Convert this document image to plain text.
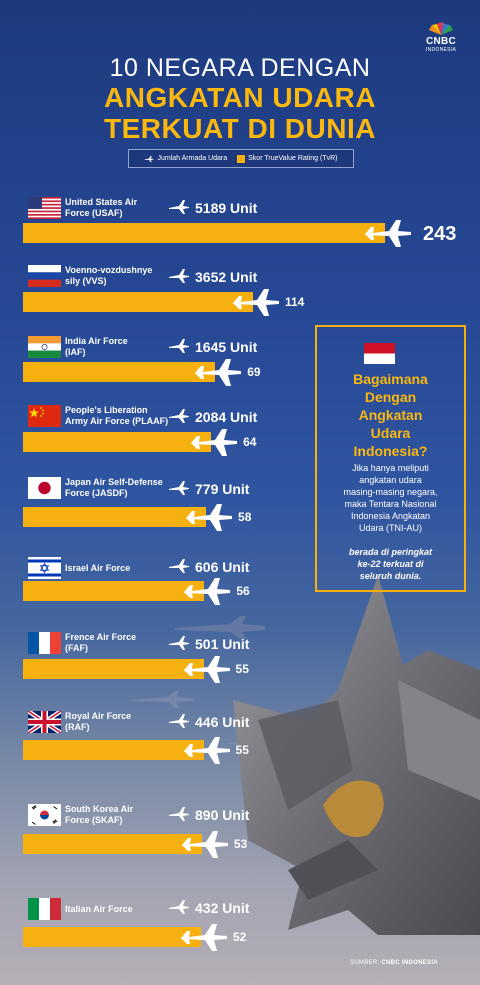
CNBC
INDONESIA
10 NEGARA DENGAN
ANGKATAN UDARA
TERKUAT DI DUNIA
Jumlah Armada Udara	Skor TrueValue Rating (TvR)
United States Air
Force (USAF)
Voenno-vozdushnye
sily (VVS)
India Air Force
(IAF)
People's Liberation
Army Air Force (PLAAF)
Japan Air Self-Defense
Force (JASDF)
Israel Air Force
Frence Air Force
(FAF)
Royal Air Force
(RAF)
South Korea Air
Force (SKAF)
Italian Air Force
5189 Unit
3652 Unit
1645 Unit
2084 Unit
779 Unit
606 Unit
501 Unit
446 Unit
890 Unit
432 Unit
243
114
69
64
58
56
55
55
53
52
Bagaimana
Dengan
Angkatan
Udara
Indonesia?
Jika hanya meliputi
angkatan udara
masing-masing negara,
maka Tentara Nasional
Indonesia Angkatan
Udara (TNI-AU)
berada di peringkat
ke-22 terkuat di
seluruh dunia.
SUMBER: CNBC INDONESIA
